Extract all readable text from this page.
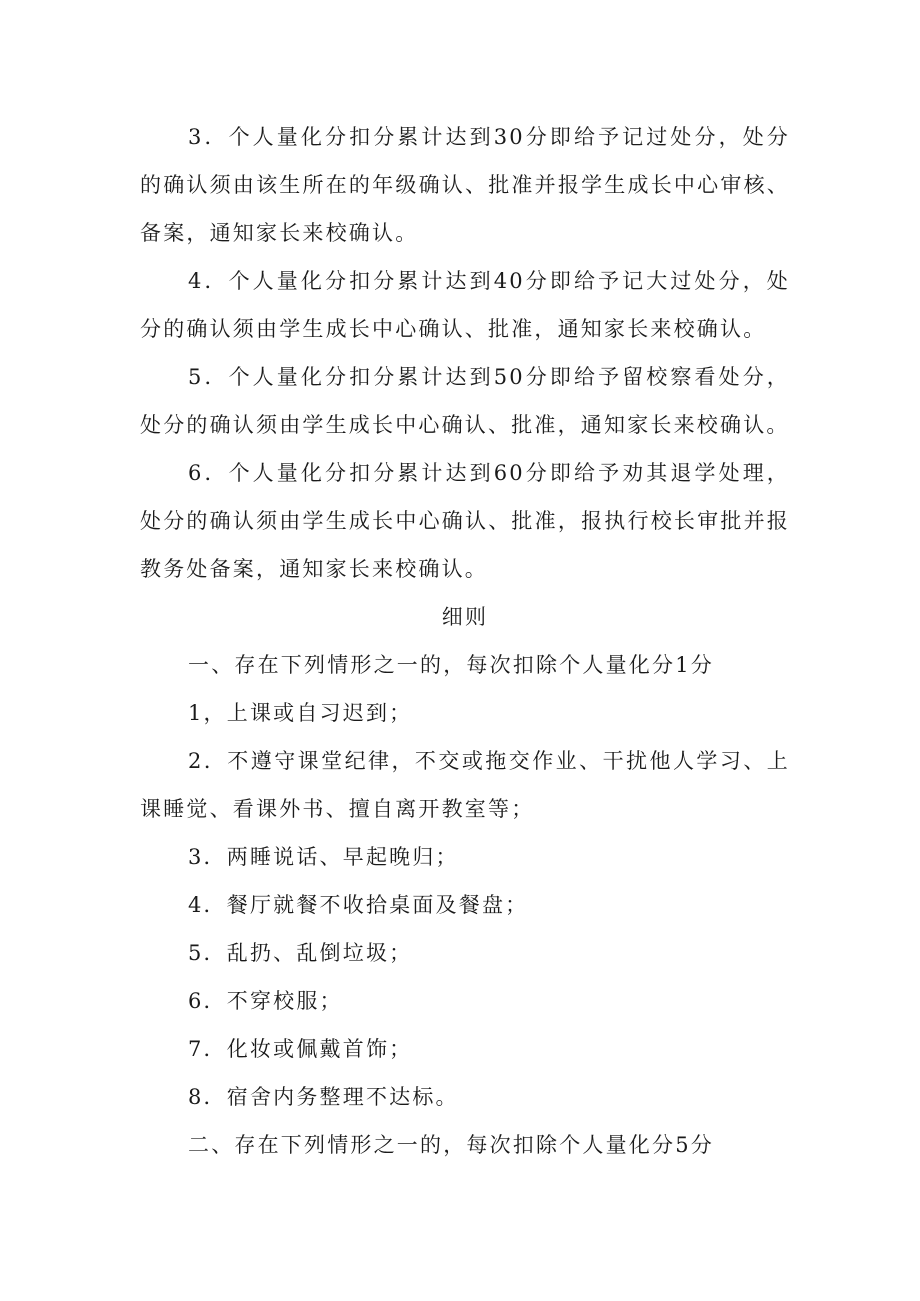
3．个人量化分扣分累计达到30分即给予记过处分，处分的确认须由该生所在的年级确认、批准并报学生成长中心审核、备案，通知家长来校确认。

4．个人量化分扣分累计达到40分即给予记大过处分，处分的确认须由学生成长中心确认、批准，通知家长来校确认。

5．个人量化分扣分累计达到50分即给予留校察看处分，处分的确认须由学生成长中心确认、批准，通知家长来校确认。

6．个人量化分扣分累计达到60分即给予劝其退学处理，处分的确认须由学生成长中心确认、批准，报执行校长审批并报教务处备案，通知家长来校确认。

细则

一、存在下列情形之一的，每次扣除个人量化分1分

1，上课或自习迟到；

2．不遵守课堂纪律，不交或拖交作业、干扰他人学习、上课睡觉、看课外书、擅自离开教室等；

3．两睡说话、早起晚归；

4．餐厅就餐不收拾桌面及餐盘；

5．乱扔、乱倒垃圾；

6．不穿校服；

7．化妆或佩戴首饰；

8．宿舍内务整理不达标。

二、存在下列情形之一的，每次扣除个人量化分5分
